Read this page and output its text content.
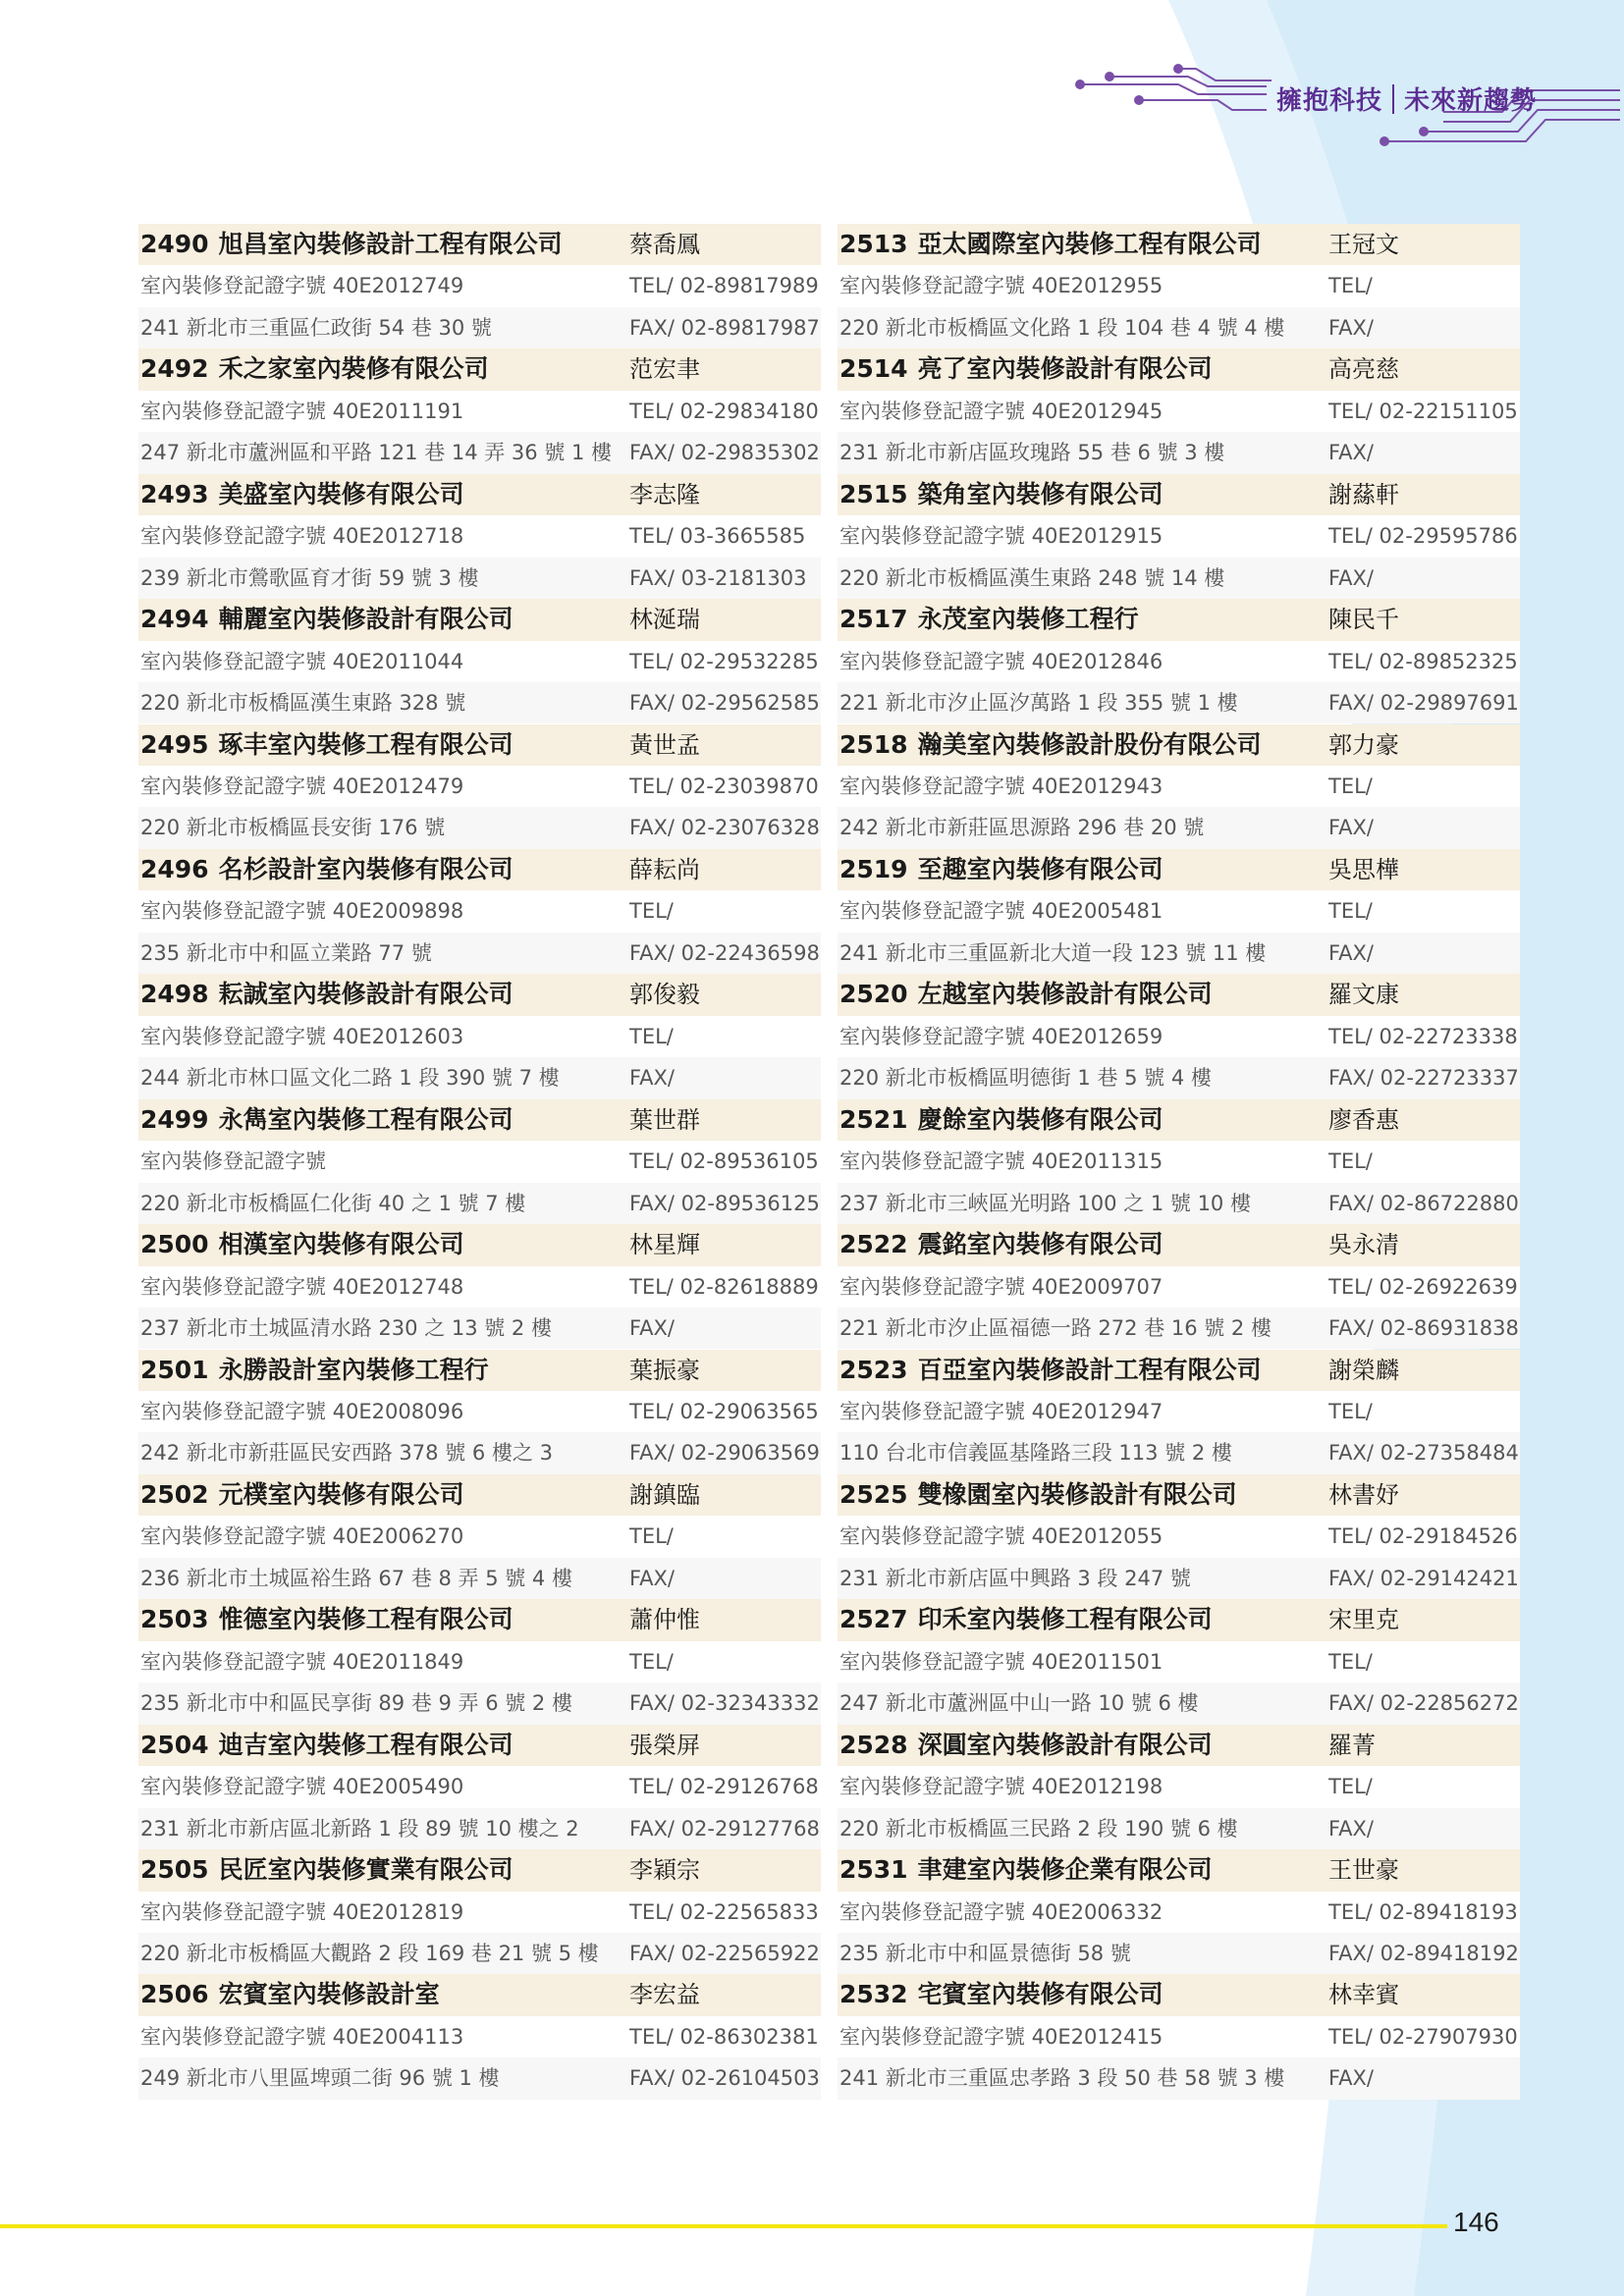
擁抱科技 未來新趨勢
2490 旭昌室內裝修設計工程有限公司	蔡喬鳳
室內裝修登記證字號 40E2012749	TEL/ 02-89817989
241 新北市三重區仁政街 54 巷 30 號	FAX/ 02-89817987
2492 禾之家室內裝修有限公司	范宏聿
室內裝修登記證字號 40E2011191	TEL/ 02-29834180
247 新北市蘆洲區和平路 121 巷 14 弄 36 號 1 樓 FAX/ 02-29835302
2493 美盛室內裝修有限公司	李志隆
室內裝修登記證字號 40E2012718	TEL/ 03-3665585
239 新北市鶯歌區育才街 59 號 3 樓	FAX/ 03-2181303
2494 輔麗室內裝修設計有限公司	林涎瑞
室內裝修登記證字號 40E2011044	TEL/ 02-29532285
220 新北市板橋區漢生東路 328 號	FAX/ 02-29562585
2495 琢丰室內裝修工程有限公司	黃世孟
室內裝修登記證字號 40E2012479	TEL/ 02-23039870
220 新北市板橋區長安街 176 號	FAX/ 02-23076328
2496 名杉設計室內裝修有限公司	薛耘尚
室內裝修登記證字號 40E2009898	TEL/
235 新北市中和區立業路 77 號	FAX/ 02-22436598
2498 耘誠室內裝修設計有限公司	郭俊毅
室內裝修登記證字號 40E2012603	TEL/
244 新北市林口區文化二路 1 段 390 號 7 樓	FAX/
2499 永雋室內裝修工程有限公司	葉世群
室內裝修登記證字號	TEL/ 02-89536105
220 新北市板橋區仁化街 40 之 1 號 7 樓	FAX/ 02-89536125
2500 相漢室內裝修有限公司	林星輝
室內裝修登記證字號 40E2012748	TEL/ 02-82618889
237 新北市土城區清水路 230 之 13 號 2 樓	FAX/
2501 永勝設計室內裝修工程行	葉振豪
室內裝修登記證字號 40E2008096	TEL/ 02-29063565
242 新北市新莊區民安西路 378 號 6 樓之 3	FAX/ 02-29063569
2502 元樸室內裝修有限公司	謝鎮臨
室內裝修登記證字號 40E2006270	TEL/
236 新北市土城區裕生路 67 巷 8 弄 5 號 4 樓	FAX/
2503 惟德室內裝修工程有限公司	蕭仲惟
室內裝修登記證字號 40E2011849	TEL/
235 新北市中和區民享街 89 巷 9 弄 6 號 2 樓	FAX/ 02-32343332
2504 迪吉室內裝修工程有限公司	張榮屏
室內裝修登記證字號 40E2005490	TEL/ 02-29126768
231 新北市新店區北新路 1 段 89 號 10 樓之 2	FAX/ 02-29127768
2505 民匠室內裝修實業有限公司	李穎宗
室內裝修登記證字號 40E2012819	TEL/ 02-22565833
220 新北市板橋區大觀路 2 段 169 巷 21 號 5 樓	FAX/ 02-22565922
2506 宏賓室內裝修設計室	李宏益
室內裝修登記證字號 40E2004113	TEL/ 02-86302381
249 新北市八里區埤頭二街 96 號 1 樓	FAX/ 02-26104503
2513 亞太國際室內裝修工程有限公司	王冠文
室內裝修登記證字號 40E2012955	TEL/
220 新北市板橋區文化路 1 段 104 巷 4 號 4 樓	FAX/
2514 亮了室內裝修設計有限公司	高亮慈
室內裝修登記證字號 40E2012945	TEL/ 02-22151105
231 新北市新店區玫瑰路 55 巷 6 號 3 樓	FAX/
2515 築角室內裝修有限公司	謝蕬軒
室內裝修登記證字號 40E2012915	TEL/ 02-29595786
220 新北市板橋區漢生東路 248 號 14 樓	FAX/
2517 永茂室內裝修工程行	陳民千
室內裝修登記證字號 40E2012846	TEL/ 02-89852325
221 新北市汐止區汐萬路 1 段 355 號 1 樓	FAX/ 02-29897691
2518 瀚美室內裝修設計股份有限公司	郭力豪
室內裝修登記證字號 40E2012943	TEL/
242 新北市新莊區思源路 296 巷 20 號	FAX/
2519 至趣室內裝修有限公司	吳思樺
室內裝修登記證字號 40E2005481	TEL/
241 新北市三重區新北大道一段 123 號 11 樓	FAX/
2520 左越室內裝修設計有限公司	羅文康
室內裝修登記證字號 40E2012659	TEL/ 02-22723338
220 新北市板橋區明德街 1 巷 5 號 4 樓	FAX/ 02-22723337
2521 慶餘室內裝修有限公司	廖香惠
室內裝修登記證字號 40E2011315	TEL/
237 新北市三峽區光明路 100 之 1 號 10 樓	FAX/ 02-86722880
2522 震銘室內裝修有限公司	吳永清
室內裝修登記證字號 40E2009707	TEL/ 02-26922639
221 新北市汐止區福德一路 272 巷 16 號 2 樓	FAX/ 02-86931838
2523 百亞室內裝修設計工程有限公司	謝榮麟
室內裝修登記證字號 40E2012947	TEL/
110 台北市信義區基隆路三段 113 號 2 樓	FAX/ 02-27358484
2525 雙橡園室內裝修設計有限公司	林書妤
室內裝修登記證字號 40E2012055	TEL/ 02-29184526
231 新北市新店區中興路 3 段 247 號	FAX/ 02-29142421
2527 印禾室內裝修工程有限公司	宋里克
室內裝修登記證字號 40E2011501	TEL/
247 新北市蘆洲區中山一路 10 號 6 樓	FAX/ 02-22856272
2528 深圓室內裝修設計有限公司	羅菁
室內裝修登記證字號 40E2012198	TEL/
220 新北市板橋區三民路 2 段 190 號 6 樓	FAX/
2531 聿建室內裝修企業有限公司	王世豪
室內裝修登記證字號 40E2006332	TEL/ 02-89418193
235 新北市中和區景德街 58 號	FAX/ 02-89418192
2532 宅賓室內裝修有限公司	林幸賓
室內裝修登記證字號 40E2012415	TEL/ 02-27907930
241 新北市三重區忠孝路 3 段 50 巷 58 號 3 樓	FAX/
146
